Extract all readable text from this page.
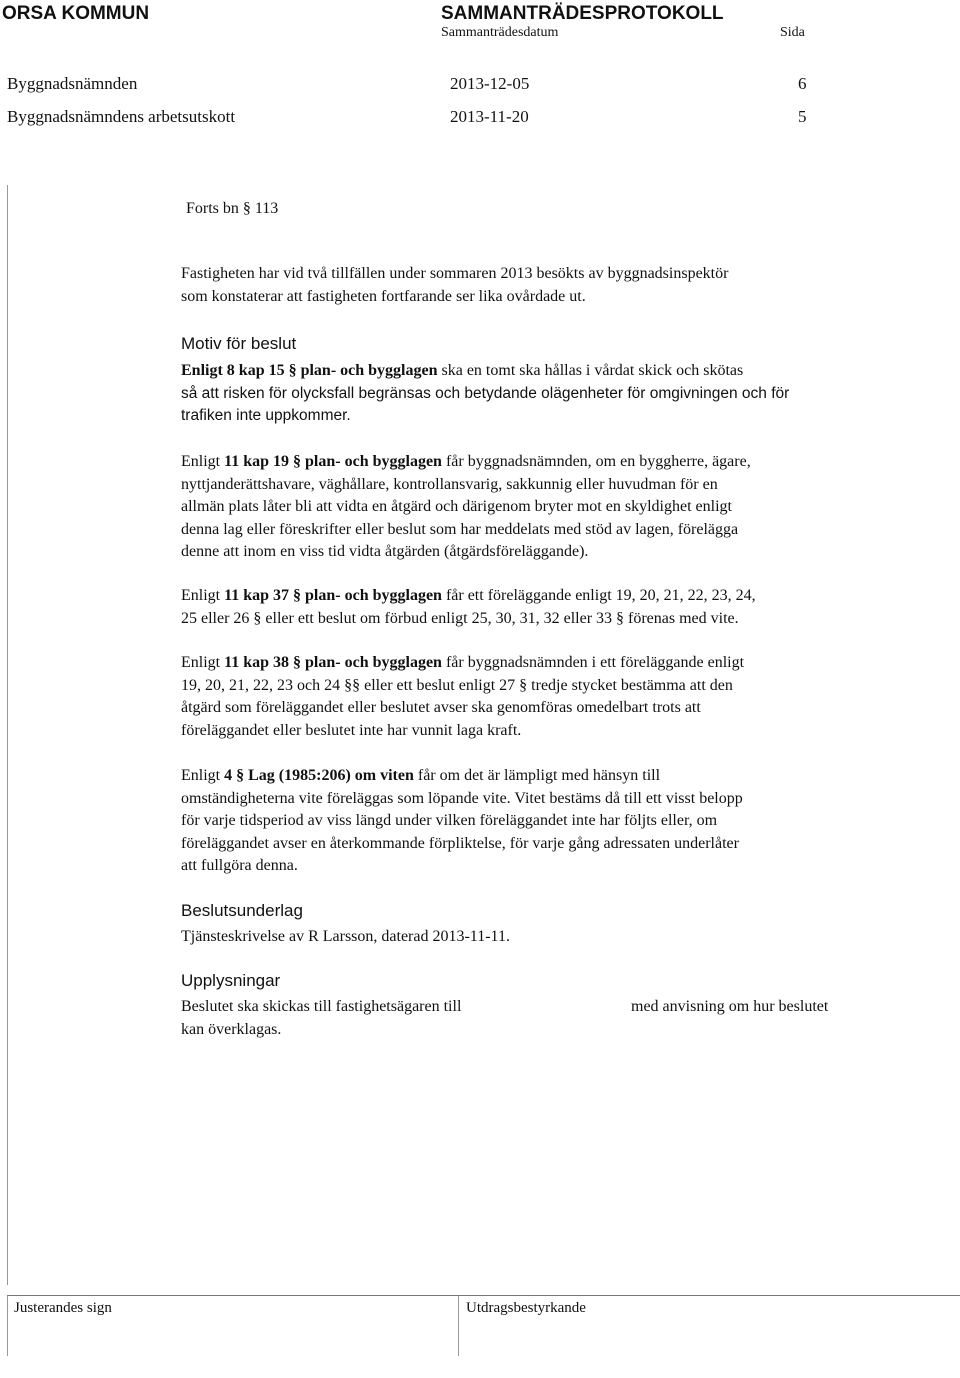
ORSA KOMMUN	SAMMANTRÄDESPROTOKOLL
Sammanträdesdatum	Sida
Byggnadsnämnden	2013-12-05	6
Byggnadsnämndens arbetsutskott	2013-11-20	5
Forts bn § 113
Fastigheten har vid två tillfällen under sommaren 2013 besökts av byggnadsinspektör
som konstaterar att fastigheten fortfarande ser lika ovårdade ut.
Motiv för beslut
Enligt 8 kap 15 § plan- och bygglagen ska en tomt ska hållas i vårdat skick och skötas
så att risken för olycksfall begränsas och betydande olägenheter för omgivningen och för
trafiken inte uppkommer.
Enligt 11 kap 19 § plan- och bygglagen får byggnadsnämnden, om en byggherre, ägare,
nyttjanderättshavare, väghållare, kontrollansvarig, sakkunnig eller huvudman för en
allmän plats låter bli att vidta en åtgärd och därigenom bryter mot en skyldighet enligt
denna lag eller föreskrifter eller beslut som har meddelats med stöd av lagen, förelägga
denne att inom en viss tid vidta åtgärden (åtgärdsföreläggande).
Enligt 11 kap 37 § plan- och bygglagen får ett föreläggande enligt 19, 20, 21, 22, 23, 24,
25 eller 26 § eller ett beslut om förbud enligt 25, 30, 31, 32 eller 33 § förenas med vite.
Enligt 11 kap 38 § plan- och bygglagen får byggnadsnämnden i ett föreläggande enligt
19, 20, 21, 22, 23 och 24 §§ eller ett beslut enligt 27 § tredje stycket bestämma att den
åtgärd som föreläggandet eller beslutet avser ska genomföras omedelbart trots att
föreläggandet eller beslutet inte har vunnit laga kraft.
Enligt 4 § Lag (1985:206) om viten får om det är lämpligt med hänsyn till
omständigheterna vite föreläggas som löpande vite. Vitet bestäms då till ett visst belopp
för varje tidsperiod av viss längd under vilken föreläggandet inte har följts eller, om
föreläggandet avser en återkommande förpliktelse, för varje gång adressaten underlåter
att fullgöra denna.
Beslutsunderlag
Tjänsteskrivelse av R Larsson, daterad 2013-11-11.
Upplysningar
Beslutet ska skickas till fastighetsägaren till	med anvisning om hur beslutet
kan överklagas.
Justerandes sign	Utdragsbestyrkande
